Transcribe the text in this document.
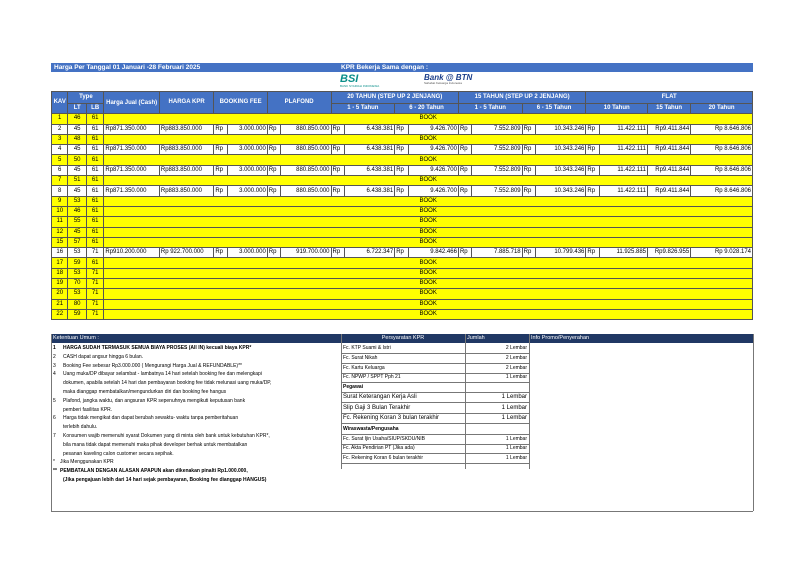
Harga Per Tanggal 01 Januari -28 Februari 2025	KPR Bekerja Sama dengan :
BSI
BANK SYARIAH INDONESIA
Bank @ BTN
Sahabat Keluarga Indonesia
KAV	Type		Harga Jual (Cash)	HARGA KPR	BOOKING FEE		PLAFOND		20 TAHUN (STEP UP 2 JENJANG)				15 TAHUN (STEP UP 2 JENJANG)				FLAT			
	LT	LB																		
									1 - 5 Tahun		6 - 20 Tahun		1 - 5 Tahun		6 - 15 Tahun		10 Tahun		15 Tahun	20 Tahun
1	46	61	BOOK																	
2	45	61	Rp871.350.000	Rp883.850.000	Rp	3.000.000	Rp	880.850.000	Rp	6.438.381	Rp	9.426.700	Rp	7.552.809	Rp	10.343.246	Rp	11.422.111	Rp9.411.844	Rp 8.646.806
3	48	61	BOOK																	
4	45	61	Rp871.350.000	Rp883.850.000	Rp	3.000.000	Rp	880.850.000	Rp	6.438.381	Rp	9.426.700	Rp	7.552.809	Rp	10.343.246	Rp	11.422.111	Rp9.411.844	Rp 8.646.806
5	50	61	BOOK																	
6	45	61	Rp871.350.000	Rp883.850.000	Rp	3.000.000	Rp	880.850.000	Rp	6.438.381	Rp	9.426.700	Rp	7.552.809	Rp	10.343.246	Rp	11.422.111	Rp9.411.844	Rp 8.646.806
7	51	61	BOOK																	
8	45	61	Rp871.350.000	Rp883.850.000	Rp	3.000.000	Rp	880.850.000	Rp	6.438.381	Rp	9.426.700	Rp	7.552.809	Rp	10.343.246	Rp	11.422.111	Rp9.411.844	Rp 8.646.806
9	53	61	BOOK																	
10	46	61	BOOK																	
11	55	61	BOOK																	
12	45	61	BOOK																	
15	57	61	BOOK																	
16	53	71	Rp910.200.000	Rp 922.700.000	Rp	3.000.000	Rp	919.700.000	Rp	6.722.347	Rp	9.842.466	Rp	7.885.718	Rp	10.799.436	Rp	11.925.885	Rp9.826.955	Rp 9.028.174
17	59	61	BOOK																	
18	53	71	BOOK																	
19	70	71	BOOK																	
20	53	71	BOOK																	
21	80	71	BOOK																	
22	59	71	BOOK																	
Ketentuan Umum :	Persyaratan KPR	Jumlah	Info Promo/Penyerahan
1	HARGA SUDAH TERMASUK SEMUA BIAYA PROSES (All IN) kecuali biaya KPR*
2	CASH dapat angsur hingga 6 bulan.
3	Booking Fee sebesar Rp3.000.000 ( Mengurangi Harga Jual & REFUNDABLE)**
4	Uang muka/DP dibayar selambat - lambatnya 14 hari setelah booking fee dan melengkapi
dokumen, apabila setelah 14 hari dan pembayaran booking fee tidak melunasi uang muka/DP,
maka dianggap membatalkan/mengundurkan diri dan booking fee hangus
5	Plafond, jangka waktu, dan angsuran KPR sepenuhnya mengikuti keputusan bank
pemberi fasilitas KPR.
6	Harga tidak mengikat dan dapat berubah sewaktu- waktu tanpa pemberitahuan
terlebih dahulu.
7	Konsumen wajib memenuhi syarat Dokumen yang di minta oleh bank untuk kebutuhan KPR*,
bila mana tidak dapat memenuhi maka pihak developer berhak untuk membatalkan
pesanan kaveling calon customer secara sepihak.
*	Jika Menggunakan KPR
** PEMBATALAN DENGAN ALASAN APAPUN akan dikenakan pinalti Rp1.000.000,
(Jika pengajuan lebih dari 14 hari sejak pembayaran, Booking fee dianggap HANGUS)
Fc. KTP Suami & Istri	2 Lembar
Fc. Surat Nikah	2 Lembar
Fc. Kartu Keluarga	2 Lembar
Fc. NPWP / SPPT Pph 21	1 Lembar
Pegawai
Surat Keterangan Kerja Asli	1 Lembar
Slip Gaji 3 Bulan Terakhir	1 Lembar
Fc. Rekening Koran 3 bulan terakhir	1 Lembar
Wiraswasta/Pengusaha
Fc. Surat Ijin Usaha/SIUP/SKDU/NIB	1 Lembar
Fc. Akta Pendirian PT (Jika ada)	1 Lembar
Fc. Rekening Koran 6 bulan terakhir	1 Lembar
